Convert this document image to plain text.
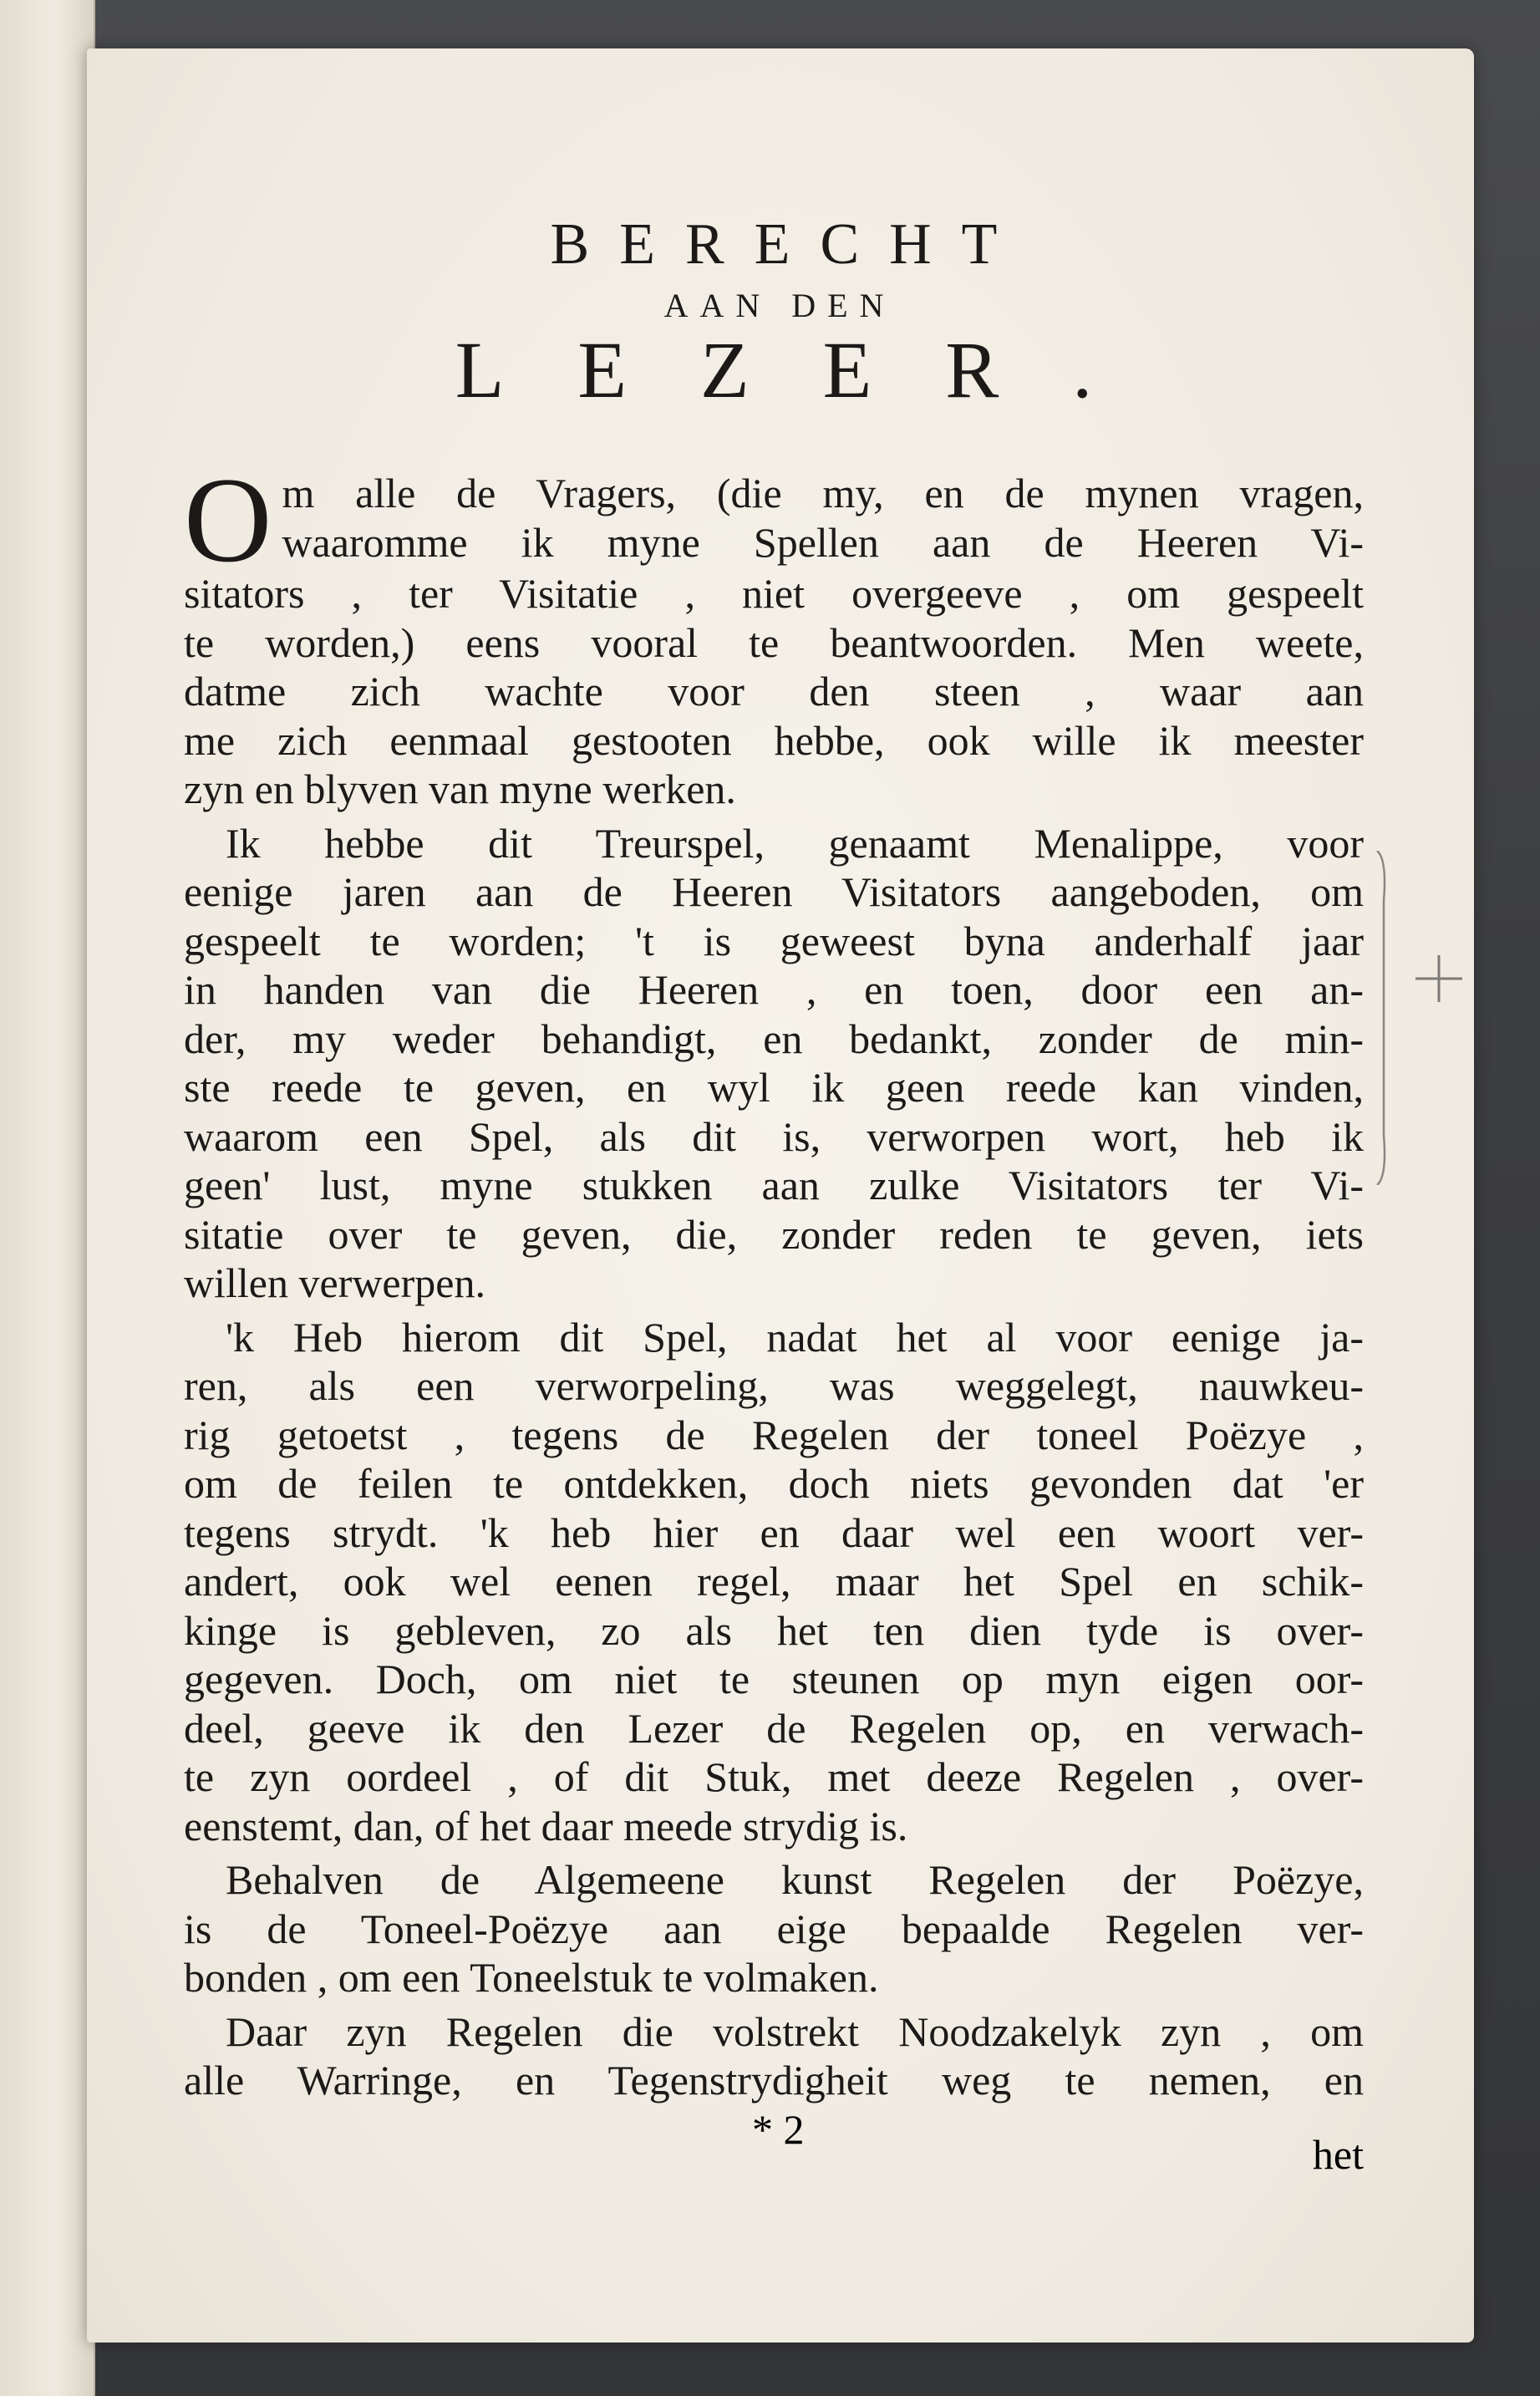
BERECHT

AAN DEN

LEZER.

O m alle de Vragers, (die my, en de mynen vragen,
waaromme ik myne Spellen aan de Heeren Vi-
sitators , ter Visitatie , niet overgeeve , om gespeelt
te worden,) eens vooral te beantwoorden. Men weete,
datme zich wachte voor den steen , waar aan
me zich eenmaal gestooten hebbe, ook wille ik meester
zyn en blyven van myne werken.
Ik hebbe dit Treurspel, genaamt Menalippe, voor
eenige jaren aan de Heeren Visitators aangeboden, om
gespeelt te worden; 't is geweest byna anderhalf jaar
in handen van die Heeren , en toen, door een an-
der, my weder behandigt, en bedankt, zonder de min-
ste reede te geven, en wyl ik geen reede kan vinden,
waarom een Spel, als dit is, verworpen wort, heb ik
geen' lust, myne stukken aan zulke Visitators ter Vi-
sitatie over te geven, die, zonder reden te geven, iets
willen verwerpen.
'k Heb hierom dit Spel, nadat het al voor eenige ja-
ren, als een verworpeling, was weggelegt, nauwkeu-
rig getoetst , tegens de Regelen der toneel Poëzye ,
om de feilen te ontdekken, doch niets gevonden dat 'er
tegens strydt. 'k heb hier en daar wel een woort ver-
andert, ook wel eenen regel, maar het Spel en schik-
kinge is gebleven, zo als het ten dien tyde is over-
gegeven. Doch, om niet te steunen op myn eigen oor-
deel, geeve ik den Lezer de Regelen op, en verwach-
te zyn oordeel , of dit Stuk, met deeze Regelen , over-
eenstemt, dan, of het daar meede strydig is.
Behalven de Algemeene kunst Regelen der Poëzye,
is de Toneel-Poëzye aan eige bepaalde Regelen ver-
bonden , om een Toneelstuk te volmaken.
Daar zyn Regelen die volstrekt Noodzakelyk zyn , om
alle Warringe, en Tegenstrydigheit weg te nemen, en
* 2
het
